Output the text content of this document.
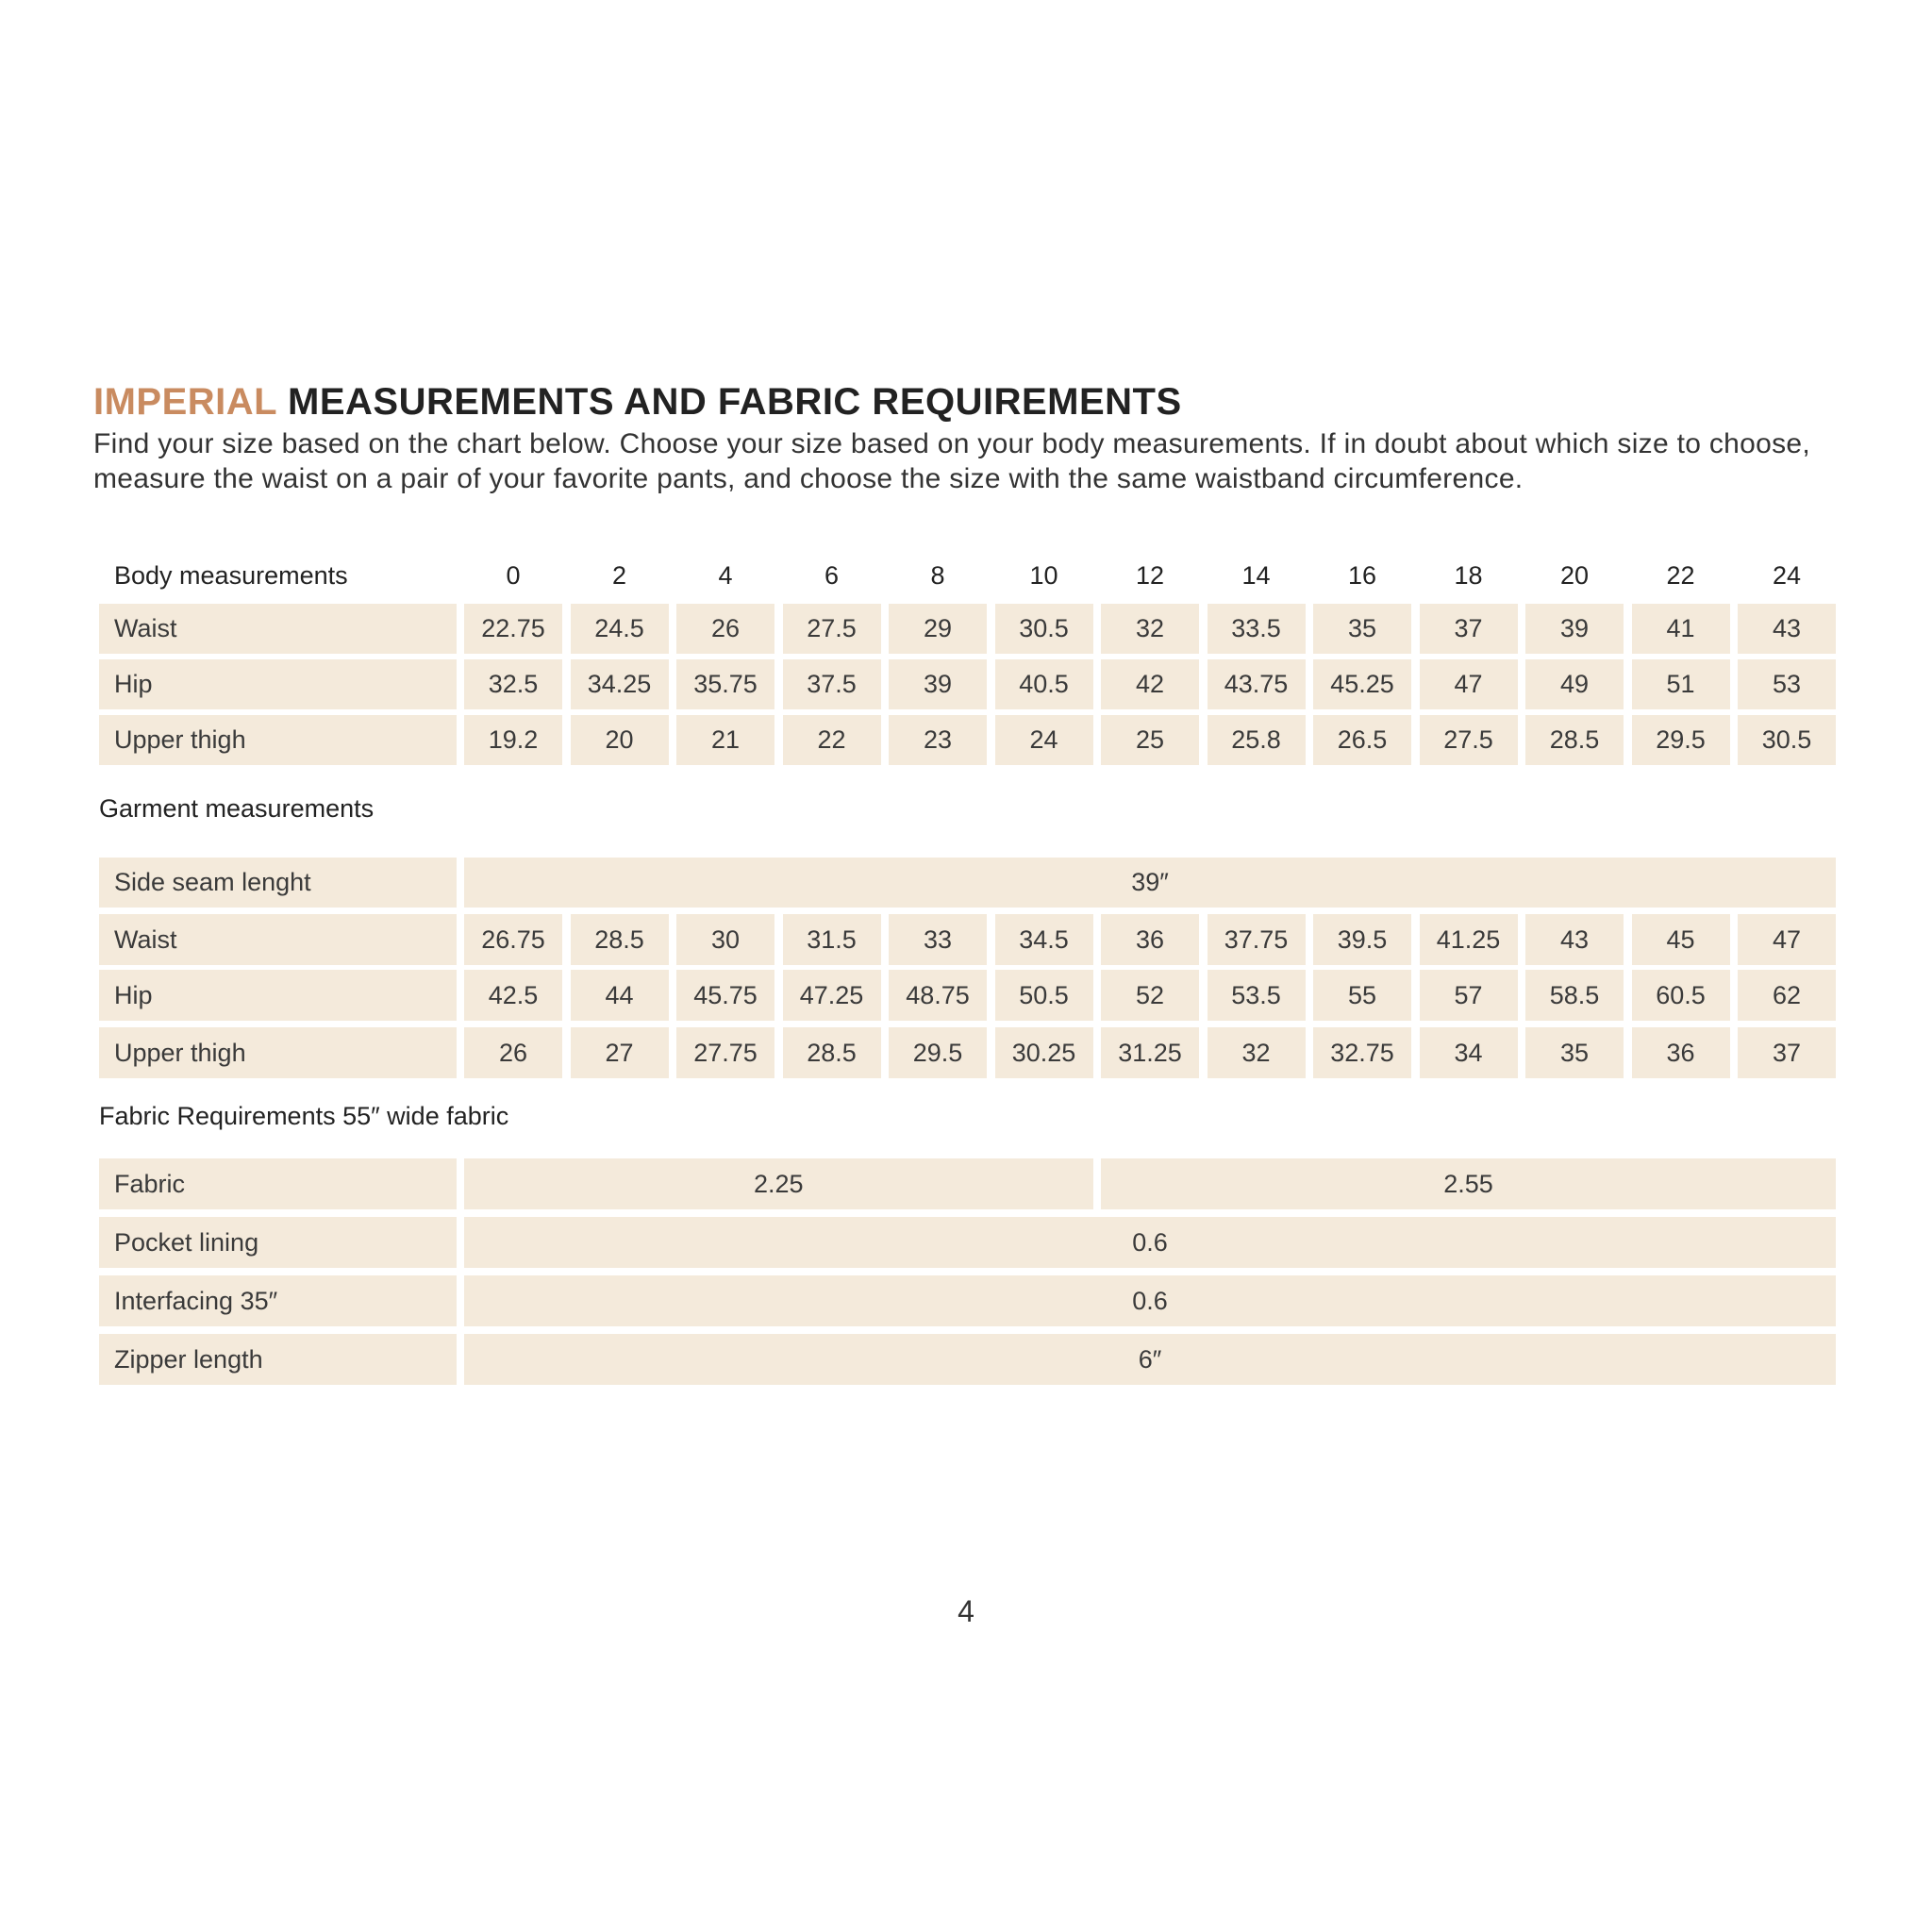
IMPERIAL MEASUREMENTS AND FABRIC REQUIREMENTS

Find your size based on the chart below. Choose your size based on your body measurements. If in doubt about which size to choose, measure the waist on a pair of your favorite pants, and choose the size with the same waistband circumference.

Body measurements	0	2	4	6	8	10	12	14	16	18	20	22	24
Waist	22.75	24.5	26	27.5	29	30.5	32	33.5	35	37	39	41	43
Hip	32.5	34.25	35.75	37.5	39	40.5	42	43.75	45.25	47	49	51	53
Upper thigh	19.2	20	21	22	23	24	25	25.8	26.5	27.5	28.5	29.5	30.5
Garment measurements
Side seam lenght	39″
Waist	26.75	28.5	30	31.5	33	34.5	36	37.75	39.5	41.25	43	45	47
Hip	42.5	44	45.75	47.25	48.75	50.5	52	53.5	55	57	58.5	60.5	62
Upper thigh	26	27	27.75	28.5	29.5	30.25	31.25	32	32.75	34	35	36	37
Fabric Requirements 55″ wide fabric
Fabric	2.25	2.55
Pocket lining	0.6
Interfacing 35″	0.6
Zipper length	6″
4
